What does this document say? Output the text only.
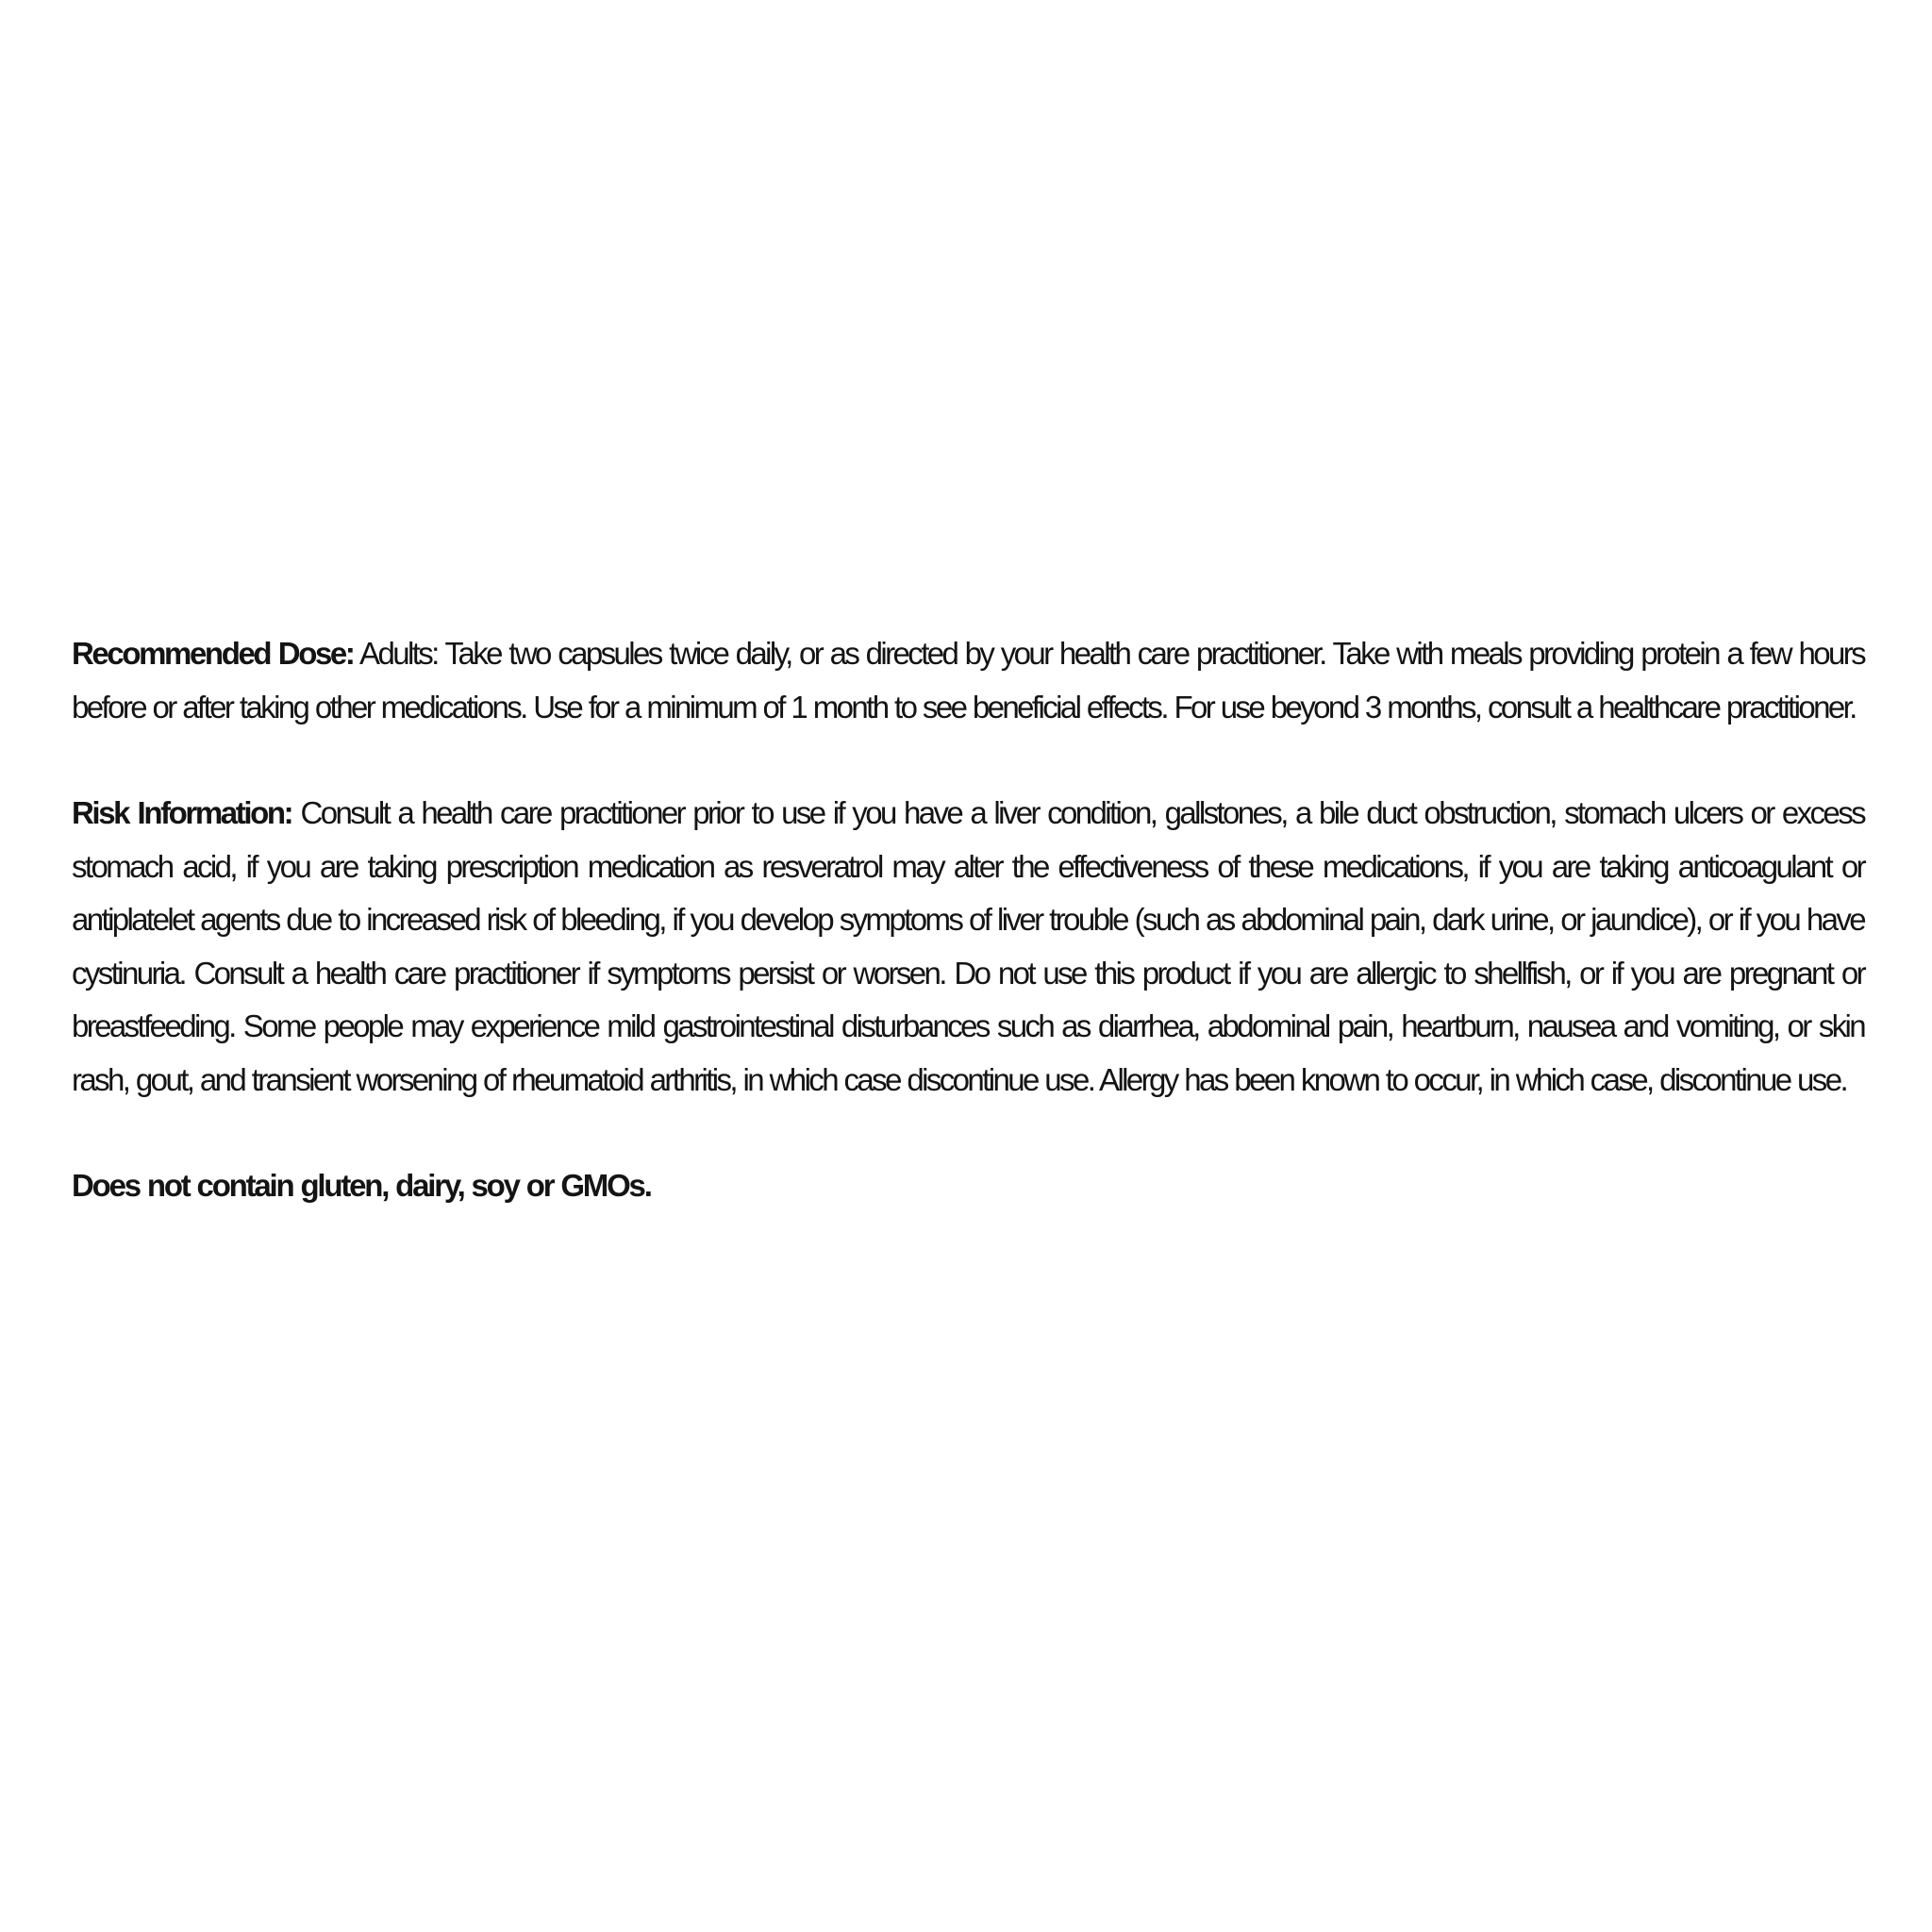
Recommended Dose: Adults: Take two capsules twice daily, or as directed by your health care practitioner. Take with meals providing protein a few hours before or after taking other medications. Use for a minimum of 1 month to see beneficial effects. For use beyond 3 months, consult a healthcare practitioner.

Risk Information: Consult a health care practitioner prior to use if you have a liver condition, gallstones, a bile duct obstruction, stomach ulcers or excess stomach acid, if you are taking prescription medication as resveratrol may alter the effectiveness of these medications, if you are taking anticoagulant or antiplatelet agents due to increased risk of bleeding, if you develop symptoms of liver trouble (such as abdominal pain, dark urine, or jaundice), or if you have cystinuria. Consult a health care practitioner if symptoms persist or worsen. Do not use this product if you are allergic to shellfish, or if you are pregnant or breastfeeding. Some people may experience mild gastrointestinal disturbances such as diarrhea, abdominal pain, heartburn, nausea and vomiting, or skin rash, gout, and transient worsening of rheumatoid arthritis, in which case discontinue use. Allergy has been known to occur, in which case, discontinue use.

Does not contain gluten, dairy, soy or GMOs.
